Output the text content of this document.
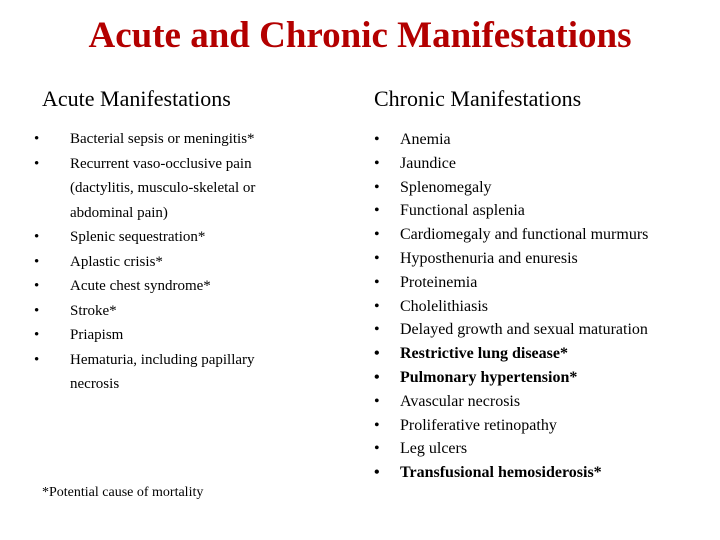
Acute and Chronic Manifestations
Acute Manifestations	Chronic Manifestations
• Bacterial sepsis or meningitis*
• Recurrent vaso-occlusive pain (dactylitis, musculo-skeletal or abdominal pain)
• Splenic sequestration*
• Aplastic crisis*
• Acute chest syndrome*
• Stroke*
• Priapism
• Hematuria, including papillary necrosis
• Anemia
• Jaundice
• Splenomegaly
• Functional asplenia
• Cardiomegaly and functional murmurs
• Hyposthenuria and enuresis
• Proteinemia
• Cholelithiasis
• Delayed growth and sexual maturation
• Restrictive lung disease*
• Pulmonary hypertension*
• Avascular necrosis
• Proliferative retinopathy
• Leg ulcers
• Transfusional hemosiderosis*
*Potential cause of mortality
